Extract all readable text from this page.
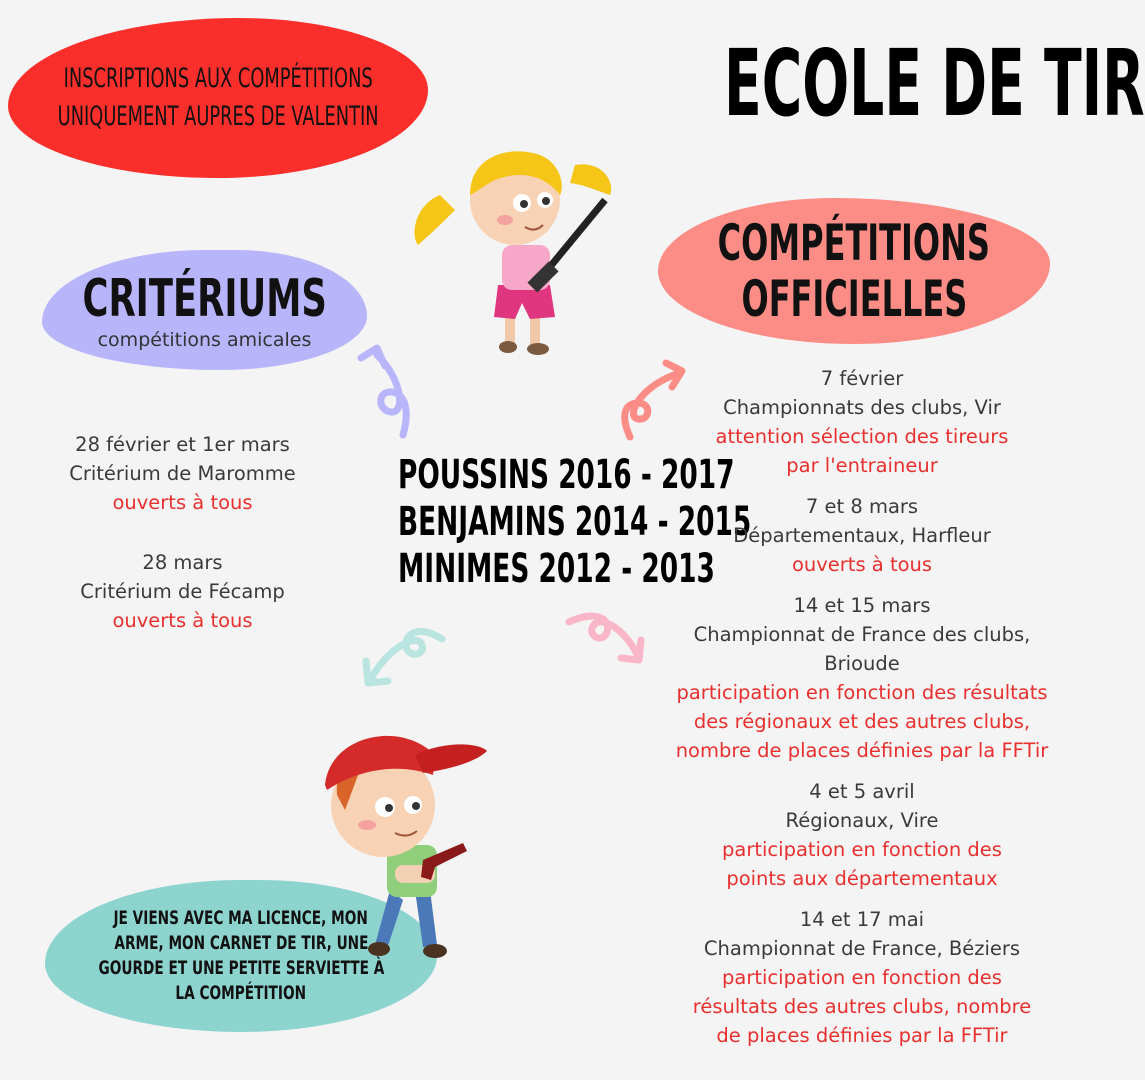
INSCRIPTIONS AUX COMPÉTITIONS
UNIQUEMENT AUPRES DE VALENTIN	ECOLE DE TIR
CRITÉRIUMS
compétitions amicales
COMPÉTITIONS
OFFICIELLES
28 février et 1er mars
Critérium de Maromme
ouverts à tous
28 mars
Critérium de Fécamp
ouverts à tous
POUSSINS 2016 - 2017
BENJAMINS 2014 - 2015
MINIMES 2012 - 2013
7 février
Championnats des clubs, Vir
attention sélection des tireurs
par l'entraineur
7 et 8 mars
Départementaux, Harfleur
ouverts à tous
14 et 15 mars
Championnat de France des clubs,
Brioude
participation en fonction des résultats
des régionaux et des autres clubs,
nombre de places définies par la FFTir
4 et 5 avril
Régionaux, Vire
participation en fonction des
points aux départementaux
14 et 17 mai
Championnat de France, Béziers
participation en fonction des
résultats des autres clubs, nombre
de places définies par la FFTir
JE VIENS AVEC MA LICENCE, MON
ARME, MON CARNET DE TIR, UNE
GOURDE ET UNE PETITE SERVIETTE À
LA COMPÉTITION
